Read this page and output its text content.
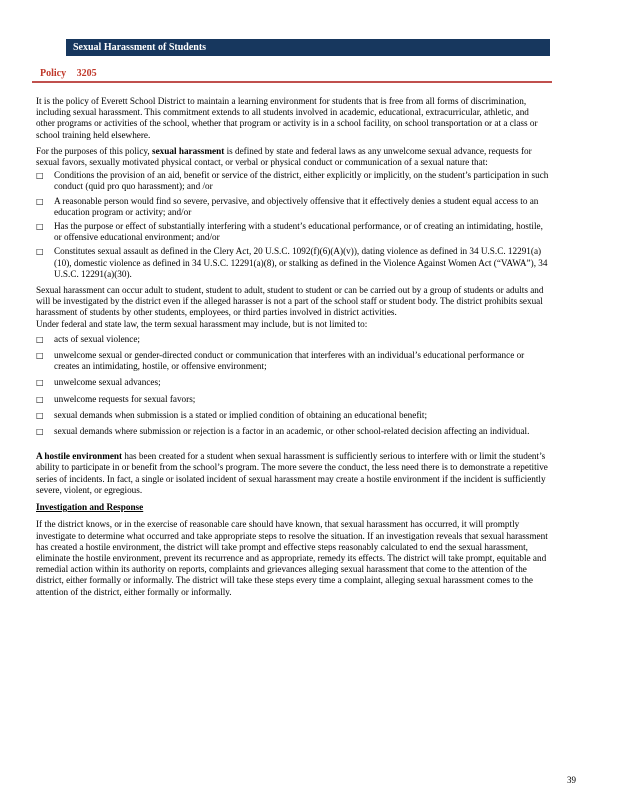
Sexual Harassment of Students
Policy 3205

It is the policy of Everett School District to maintain a learning environment for students that is free from all forms of discrimination, including sexual harassment. This commitment extends to all students involved in academic, educational, extracurricular, athletic, and other programs or activities of the school, whether that program or activity is in a school facility, on school transportation or at a class or school training held elsewhere.

For the purposes of this policy, sexual harassment is defined by state and federal laws as any unwelcome sexual advance, requests for sexual favors, sexually motivated physical contact, or verbal or physical conduct or communication of a sexual nature that:

□ Conditions the provision of an aid, benefit or service of the district, either explicitly or implicitly, on the student’s participation in such conduct (quid pro quo harassment); and /or
□ A reasonable person would find so severe, pervasive, and objectively offensive that it effectively denies a student equal access to an education program or activity; and/or
□ Has the purpose or effect of substantially interfering with a student’s educational performance, or of creating an intimidating, hostile, or offensive educational environment; and/or
□ Constitutes sexual assault as defined in the Clery Act, 20 U.S.C. 1092(f)(6)(A)(v)), dating violence as defined in 34 U.S.C. 12291(a)(10), domestic violence as defined in 34 U.S.C. 12291(a)(8), or stalking as defined in the Violence Against Women Act (“VAWA”), 34 U.S.C. 12291(a)(30).

Sexual harassment can occur adult to student, student to adult, student to student or can be carried out by a group of students or adults and will be investigated by the district even if the alleged harasser is not a part of the school staff or student body. The district prohibits sexual harassment of students by other students, employees, or third parties involved in district activities.

Under federal and state law, the term sexual harassment may include, but is not limited to:

□ acts of sexual violence;
□ unwelcome sexual or gender-directed conduct or communication that interferes with an individual’s educational performance or creates an intimidating, hostile, or offensive environment;
□ unwelcome sexual advances;
□ unwelcome requests for sexual favors;
□ sexual demands when submission is a stated or implied condition of obtaining an educational benefit;
□ sexual demands where submission or rejection is a factor in an academic, or other school-related decision affecting an individual.

A hostile environment has been created for a student when sexual harassment is sufficiently serious to interfere with or limit the student’s ability to participate in or benefit from the school’s program. The more severe the conduct, the less need there is to demonstrate a repetitive series of incidents. In fact, a single or isolated incident of sexual harassment may create a hostile environment if the incident is sufficiently severe, violent, or egregious.

Investigation and Response

If the district knows, or in the exercise of reasonable care should have known, that sexual harassment has occurred, it will promptly investigate to determine what occurred and take appropriate steps to resolve the situation. If an investigation reveals that sexual harassment has created a hostile environment, the district will take prompt and effective steps reasonably calculated to end the sexual harassment, eliminate the hostile environment, prevent its recurrence and as appropriate, remedy its effects. The district will take prompt, equitable and remedial action within its authority on reports, complaints and grievances alleging sexual harassment that come to the attention of the district, either formally or informally. The district will take these steps every time a complaint, alleging sexual harassment comes to the attention of the district, either formally or informally.

39
